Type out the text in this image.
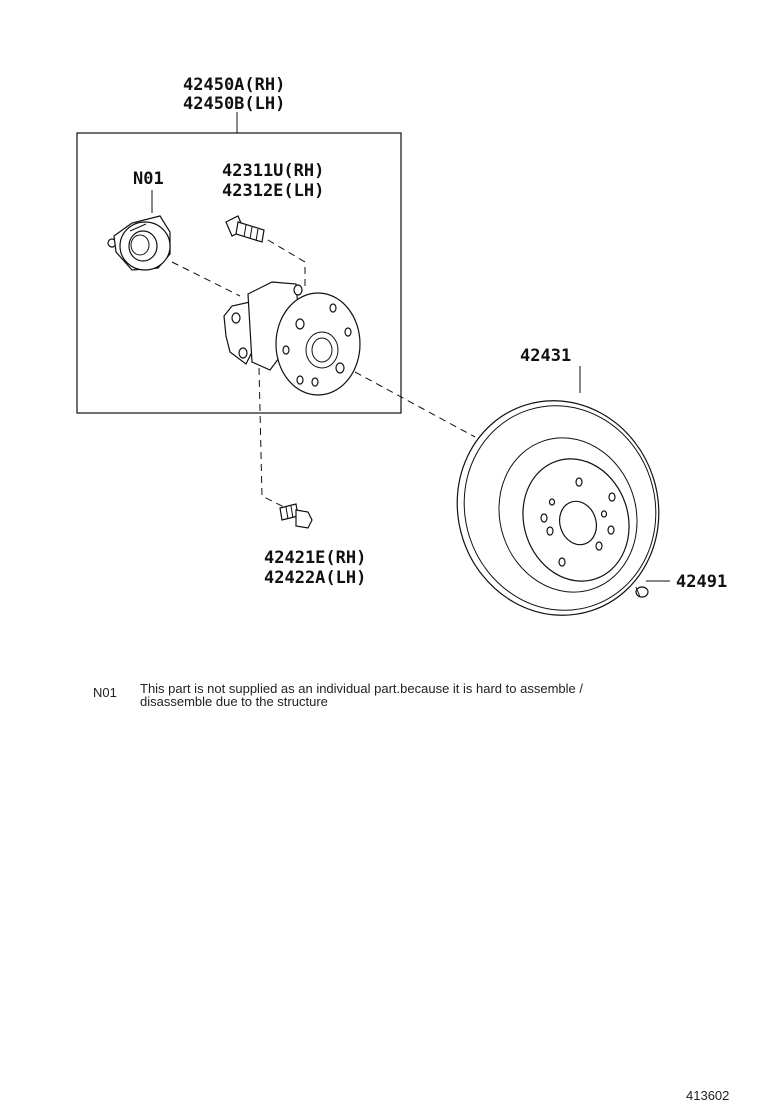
42450A(RH)
42450B(LH)
N01	42311U(RH)
42312E(LH)
42421E(RH)
42422A(LH)
42431
42491
N01 This part is not supplied as an individual part.because it is hard to assemble /
disassemble due to the structure
413602
